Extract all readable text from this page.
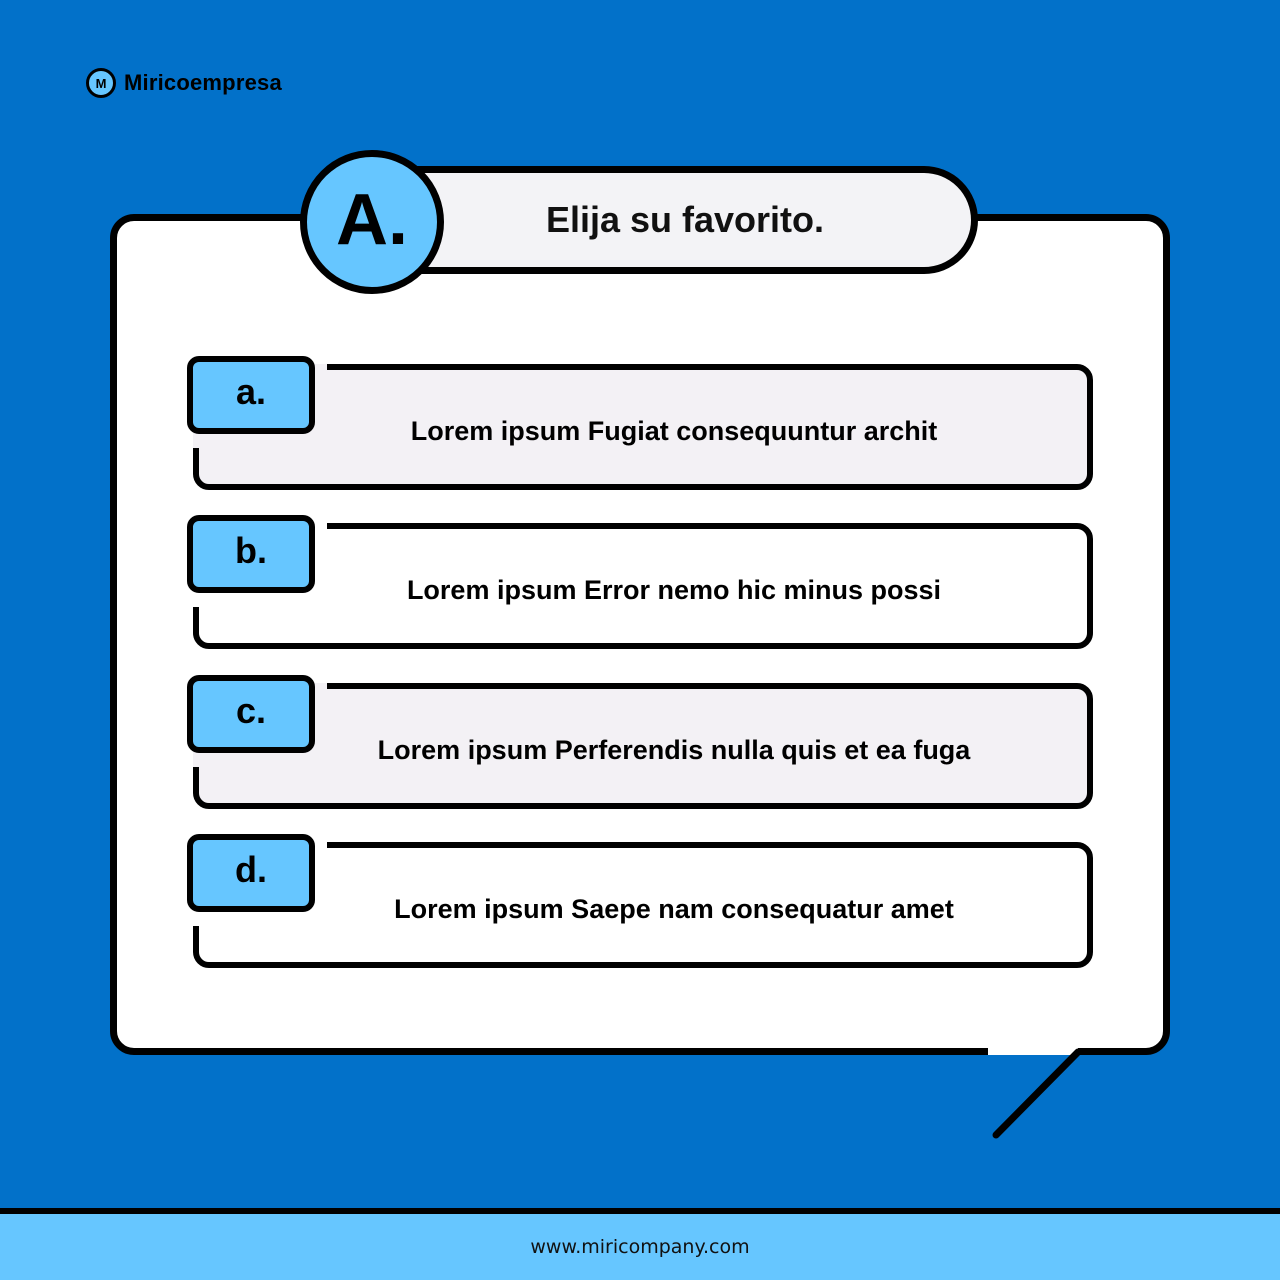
M Miricoempresa
Elija su favorito.
A.
a.
Lorem ipsum Fugiat consequuntur archit
b.
Lorem ipsum Error nemo hic minus possi
c.
Lorem ipsum Perferendis nulla quis et ea fuga
d.
Lorem ipsum Saepe nam consequatur amet
www.miricompany.com
